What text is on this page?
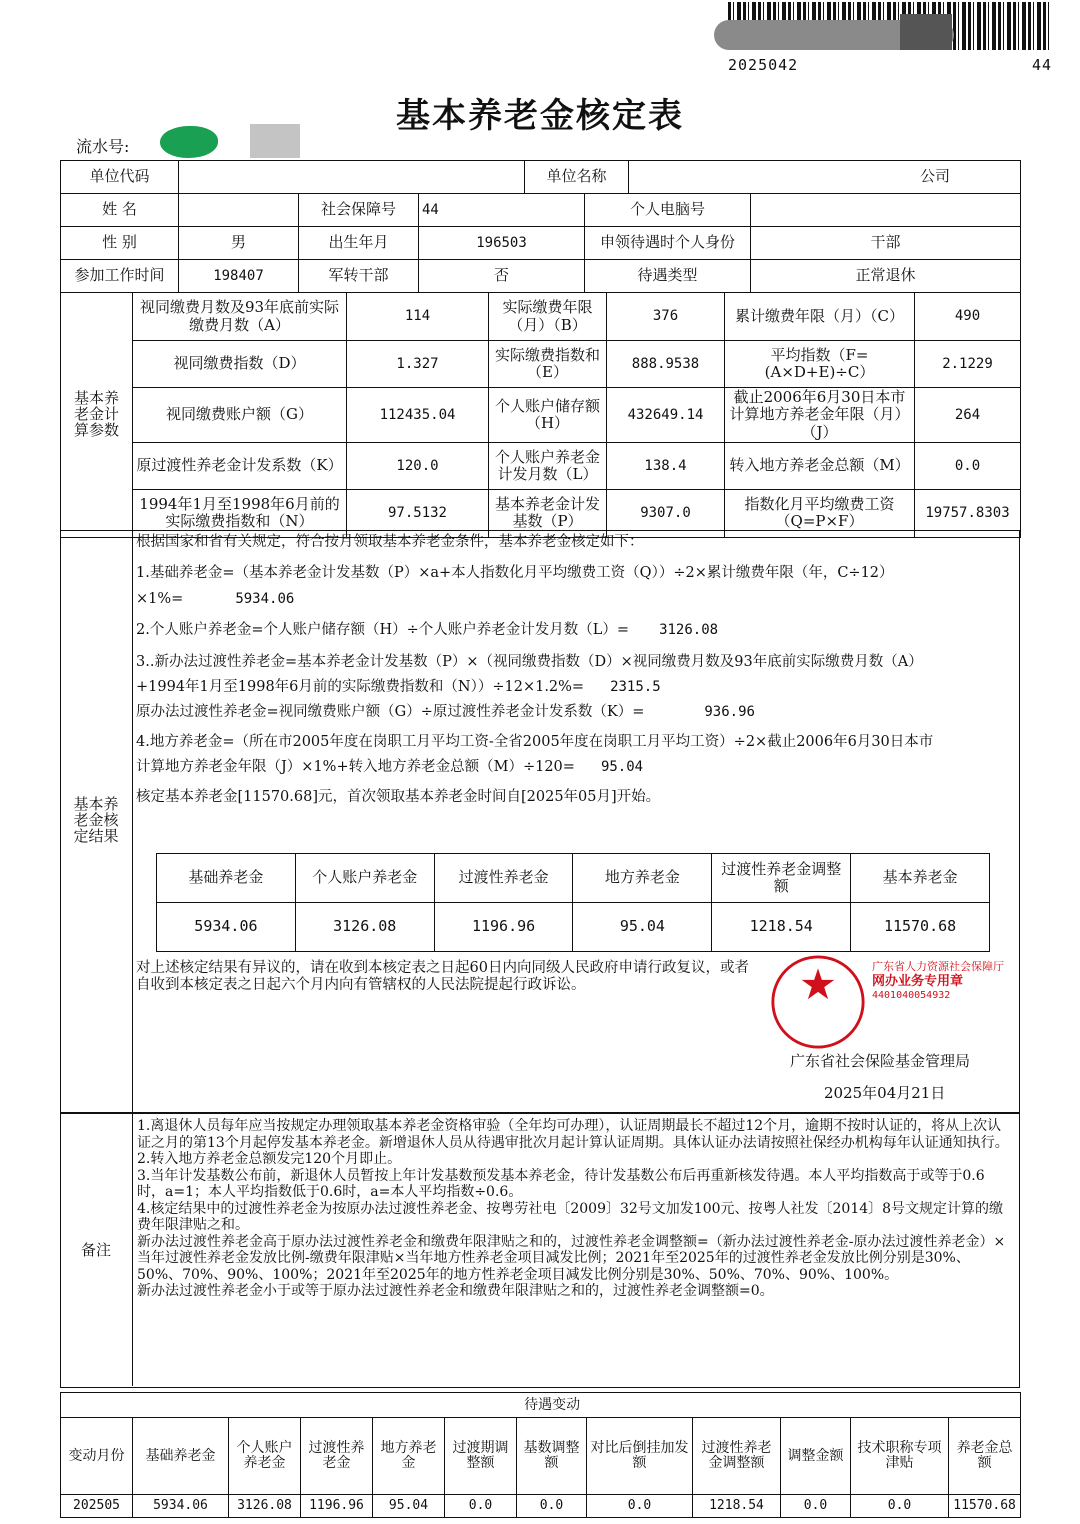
2025042	44
基本养老金核定表
流水号:
单位代码				单位名称		公司	
姓 名		社会保障号	44		个人电脑号		
性 别	男	出生年月	196503		申领待遇时个人身份		干部
参加工作时间	198407	军转干部	否		待遇类型		正常退休
基本养老金计算参数	视同缴费月数及93年底前实际缴费月数（A）	114	实际缴费年限（月）（B）	376	累计缴费年限（月）（C）	490
	视同缴费指数（D）	1.327	实际缴费指数和（E）	888.9538	平均指数（F=(A×D+E)÷C）	2.1229
	视同缴费账户额（G）	112435.04	个人账户储存额（H）	432649.14	截止2006年6月30日本市计算地方养老金年限（月）（J）	264
	原过渡性养老金计发系数（K）	120.0	个人账户养老金计发月数（L）	138.4	转入地方养老金总额（M）	0.0
	1994年1月至1998年6月前的实际缴费指数和（N）	97.5132	基本养老金计发基数（P）	9307.0	指数化月平均缴费工资（Q=P×F）	19757.8303
基本养老金核定结果

根据国家和省有关规定，符合按月领取基本养老金条件，基本养老金核定如下：

1.基础养老金=（基本养老金计发基数（P）×a+本人指数化月平均缴费工资（Q））÷2×累计缴费年限（年，C÷12）

×1%=	5934.06

2.个人账户养老金=个人账户储存额（H）÷个人账户养老金计发月数（L）= 3126.08

3..新办法过渡性养老金=基本养老金计发基数（P）×（视同缴费指数（D）×视同缴费月数及93年底前实际缴费月数（A）

+1994年1月至1998年6月前的实际缴费指数和（N））÷12×1.2%= 2315.5

原办法过渡性养老金=视同缴费账户额（G）÷原过渡性养老金计发系数（K）=	936.96

4.地方养老金=（所在市2005年度在岗职工月平均工资-全省2005年度在岗职工月平均工资）÷2×截止2006年6月30日本市

计算地方养老金年限（J）×1%+转入地方养老金总额（M）÷120= 95.04

核定基本养老金[11570.68]元，首次领取基本养老金时间自[2025年05月]开始。

基础养老金	个人账户养老金	过渡性养老金	地方养老金	过渡性养老金调整额	基本养老金
5934.06	3126.08	1196.96	95.04	1218.54	11570.68
对上述核定结果有异议的，请在收到本核定表之日起60日内向同级人民政府申请行政复议，或者自收到本核定表之日起六个月内向有管辖权的人民法院提起行政诉讼。
广东省社会保险基金管理局
2025年04月21日
广东省人力资源社会保障厅
网办业务专用章
4401040054932
备注
1.离退休人员每年应当按规定办理领取基本养老金资格审验（全年均可办理），认证周期最长不超过12个月，逾期不按时认证的，将从上次认证之月的第13个月起停发基本养老金。新增退休人员从待遇审批次月起计算认证周期。具体认证办法请按照社保经办机构每年认证通知执行。
2.转入地方养老金总额发完120个月即止。
3.当年计发基数公布前，新退休人员暂按上年计发基数预发基本养老金，待计发基数公布后再重新核发待遇。本人平均指数高于或等于0.6时，a=1；本人平均指数低于0.6时，a=本人平均指数÷0.6。
4.核定结果中的过渡性养老金为按原办法过渡性养老金、按粤劳社电〔2009〕32号文加发100元、按粤人社发〔2014〕8号文规定计算的缴费年限津贴之和。
新办法过渡性养老金高于原办法过渡性养老金和缴费年限津贴之和的，过渡性养老金调整额=（新办法过渡性养老金-原办法过渡性养老金）×当年过渡性养老金发放比例-缴费年限津贴×当年地方性养老金项目减发比例；2021年至2025年的过渡性养老金发放比例分别是30%、50%、70%、90%、100%；2021年至2025年的地方性养老金项目减发比例分别是30%、50%、70%、90%、100%。
新办法过渡性养老金小于或等于原办法过渡性养老金和缴费年限津贴之和的，过渡性养老金调整额=0。
待遇变动											
变动月份	基础养老金	个人账户养老金	过渡性养老金	地方养老金	过渡期调整额	基数调整额	对比后倒挂加发额	过渡性养老金调整额	调整金额	技术职称专项津贴	养老金总额
202505	5934.06	3126.08	1196.96	95.04	0.0	0.0	0.0	1218.54	0.0	0.0	11570.68
